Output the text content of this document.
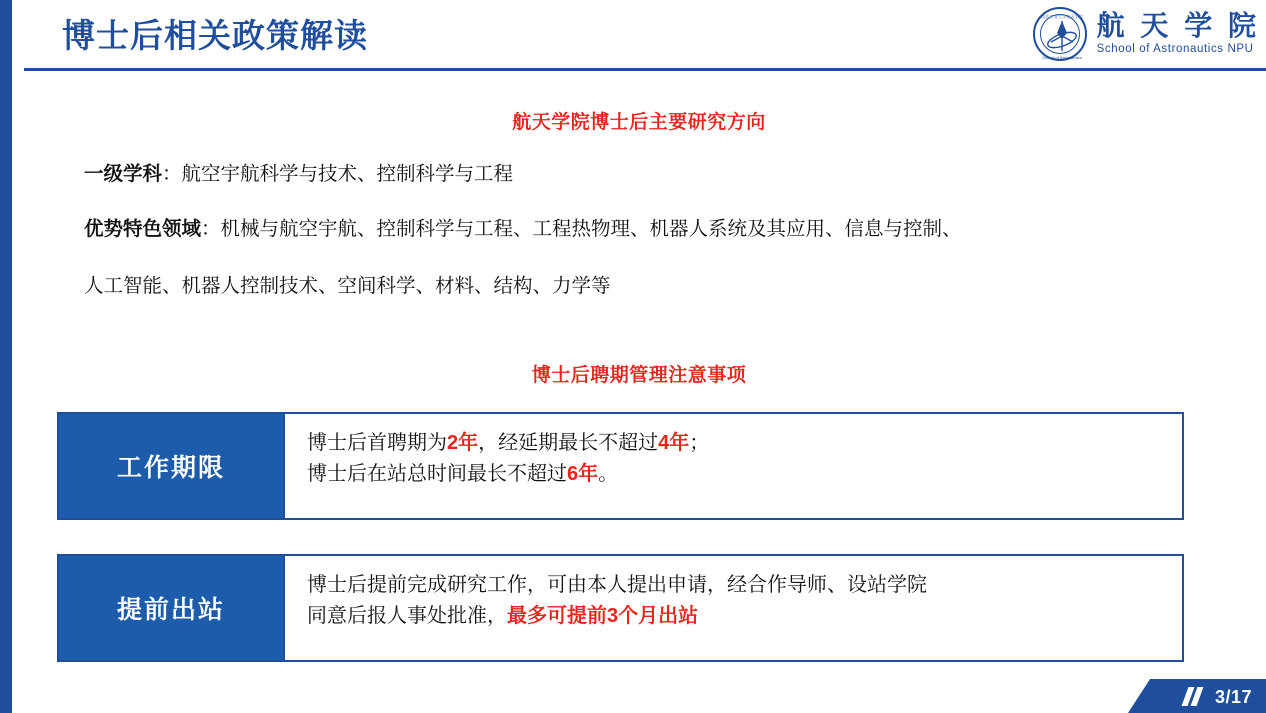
博士后相关政策解读
西北工业大学航天学院
School of Astronautics
航 天 学 院
School of Astronautics NPU
航天学院博士后主要研究方向
一级学科：航空宇航科学与技术、控制科学与工程
优势特色领域：机械与航空宇航、控制科学与工程、工程热物理、机器人系统及其应用、信息与控制、
人工智能、机器人控制技术、空间科学、材料、结构、力学等
博士后聘期管理注意事项
工作期限
博士后首聘期为2年，经延期最长不超过4年；
博士后在站总时间最长不超过6年。
提前出站
博士后提前完成研究工作，可由本人提出申请，经合作导师、设站学院
同意后报人事处批准，最多可提前3个月出站
3/17
